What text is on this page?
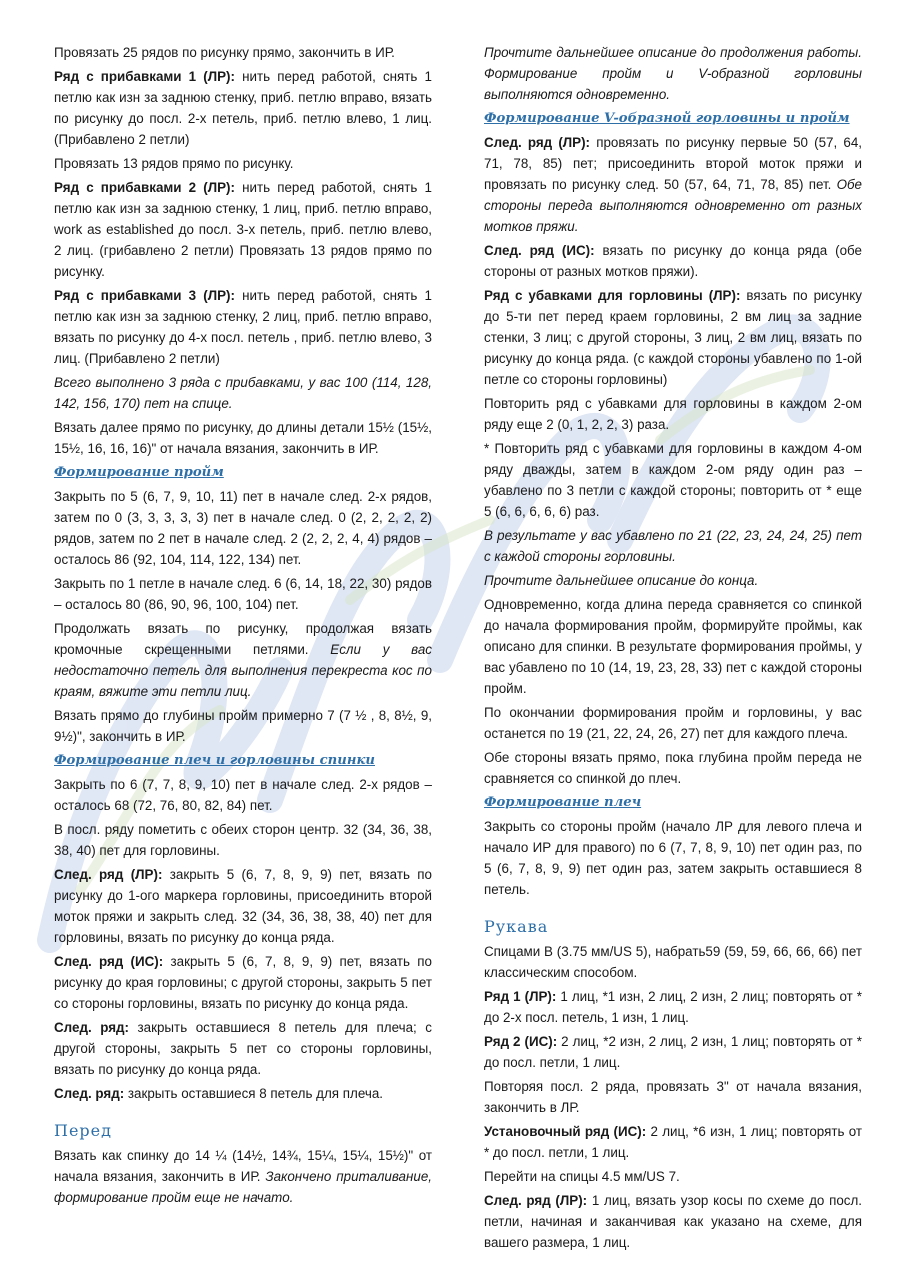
Провязать 25 рядов по рисунку прямо, закончить в ИР.

Ряд с прибавками 1 (ЛР): нить перед работой, снять 1 петлю как изн за заднюю стенку, приб. петлю вправо, вязать по рисунку до посл. 2-х петель, приб. петлю влево, 1 лиц. (Прибавлено 2 петли)

Провязать 13 рядов прямо по рисунку.

Ряд с прибавками 2 (ЛР): нить перед работой, снять 1 петлю как изн за заднюю стенку, 1 лиц, приб. петлю вправо, work as established до посл. 3-х петель, приб. петлю влево, 2 лиц. (грибавлено 2 петли) Провязать 13 рядов прямо по рисунку.

Ряд с прибавками 3 (ЛР): нить перед работой, снять 1 петлю как изн за заднюю стенку, 2 лиц, приб. петлю вправо, вязать по рисунку до 4-х посл. петель , приб. петлю влево, 3 лиц. (Прибавлено 2 петли)

Всего выполнено 3 ряда с прибавками, у вас 100 (114, 128, 142, 156, 170) пет на спице.

Вязать далее прямо по рисунку, до длины детали 15½ (15½, 15½, 16, 16, 16)" от начала вязания, закончить в ИР.

Формирование пройм

Закрыть по 5 (6, 7, 9, 10, 11) пет в начале след. 2-х рядов, затем по 0 (3, 3, 3, 3, 3) пет в начале след. 0 (2, 2, 2, 2, 2) рядов, затем по 2 пет в начале след. 2 (2, 2, 2, 4, 4) рядов – осталось 86 (92, 104, 114, 122, 134) пет.

Закрыть по 1 петле в начале след. 6 (6, 14, 18, 22, 30) рядов – осталось 80 (86, 90, 96, 100, 104) пет.

Продолжать вязать по рисунку, продолжая вязать кромочные скрещенными петлями. Если у вас недостаточно петель для выполнения перекреста кос по краям, вяжите эти петли лиц.

Вязать прямо до глубины пройм примерно 7 (7 ½ , 8, 8½, 9, 9½)", закончить в ИР.

Формирование плеч и горловины спинки

Закрыть по 6 (7, 7, 8, 9, 10) пет в начале след. 2-х рядов – осталось 68 (72, 76, 80, 82, 84) пет.

В посл. ряду пометить с обеих сторон центр. 32 (34, 36, 38, 38, 40) пет для горловины.

След. ряд (ЛР): закрыть 5 (6, 7, 8, 9, 9) пет, вязать по рисунку до 1-ого маркера горловины, присоединить второй моток пряжи и закрыть след. 32 (34, 36, 38, 38, 40) пет для горловины, вязать по рисунку до конца ряда.

След. ряд (ИС): закрыть 5 (6, 7, 8, 9, 9) пет, вязать по рисунку до края горловины; с другой стороны, закрыть 5 пет со стороны горловины, вязать по рисунку до конца ряда.

След. ряд: закрыть оставшиеся 8 петель для плеча; с другой стороны, закрыть 5 пет со стороны горловины, вязать по рисунку до конца ряда.

След. ряд: закрыть оставшиеся 8 петель для плеча.

Перед

Вязать как спинку до 14 ¼ (14½, 14¾, 15¼, 15¼, 15½)" от начала вязания, закончить в ИР. Закончено приталивание, формирование пройм еще не начато.

Прочтите дальнейшее описание до продолжения работы. Формирование пройм и V-образной горловины выполняются одновременно.

Формирование V-образной горловины и пройм

След. ряд (ЛР): провязать по рисунку первые 50 (57, 64, 71, 78, 85) пет; присоединить второй моток пряжи и провязать по рисунку след. 50 (57, 64, 71, 78, 85) пет. Обе стороны переда выполняются одновременно от разных мотков пряжи.

След. ряд (ИС): вязать по рисунку до конца ряда (обе стороны от разных мотков пряжи).

Ряд с убавками для горловины (ЛР): вязать по рисунку до 5-ти пет перед краем горловины, 2 вм лиц за задние стенки, 3 лиц; с другой стороны, 3 лиц, 2 вм лиц, вязать по рисунку до конца ряда. (с каждой стороны убавлено по 1-ой петле со стороны горловины)

Повторить ряд с убавками для горловины в каждом 2-ом ряду еще 2 (0, 1, 2, 2, 3) раза.

* Повторить ряд с убавками для горловины в каждом 4-ом ряду дважды, затем в каждом 2-ом ряду один раз – убавлено по 3 петли с каждой стороны; повторить от * еще 5 (6, 6, 6, 6, 6) раз.

В результате у вас убавлено по 21 (22, 23, 24, 24, 25) пет с каждой стороны горловины.

Прочтите дальнейшее описание до конца.

Одновременно, когда длина переда сравняется со спинкой до начала формирования пройм, формируйте проймы, как описано для спинки. В результате формирования проймы, у вас убавлено по 10 (14, 19, 23, 28, 33) пет с каждой стороны пройм.

По окончании формирования пройм и горловины, у вас останется по 19 (21, 22, 24, 26, 27) пет для каждого плеча.

Обе стороны вязать прямо, пока глубина пройм переда не сравняется со спинкой до плеч.

Формирование плеч

Закрыть со стороны пройм (начало ЛР для левого плеча и начало ИР для правого) по 6 (7, 7, 8, 9, 10) пет один раз, по 5 (6, 7, 8, 9, 9) пет один раз, затем закрыть оставшиеся 8 петель.

Рукава

Спицами B (3.75 мм/US 5), набрать59 (59, 59, 66, 66, 66) пет классическим способом.

Ряд 1 (ЛР): 1 лиц, *1 изн, 2 лиц, 2 изн, 2 лиц; повторять от * до 2-х посл. петель, 1 изн, 1 лиц.

Ряд 2 (ИС): 2 лиц, *2 изн, 2 лиц, 2 изн, 1 лиц; повторять от * до посл. петли, 1 лиц.

Повторяя посл. 2 ряда, провязать 3" от начала вязания, закончить в ЛР.

Установочный ряд (ИС): 2 лиц, *6 изн, 1 лиц; повторять от * до посл. петли, 1 лиц.

Перейти на спицы 4.5 мм/US 7.

След. ряд (ЛР): 1 лиц, вязать узор косы по схеме до посл. петли, начиная и заканчивая как указано на схеме, для вашего размера, 1 лиц.
